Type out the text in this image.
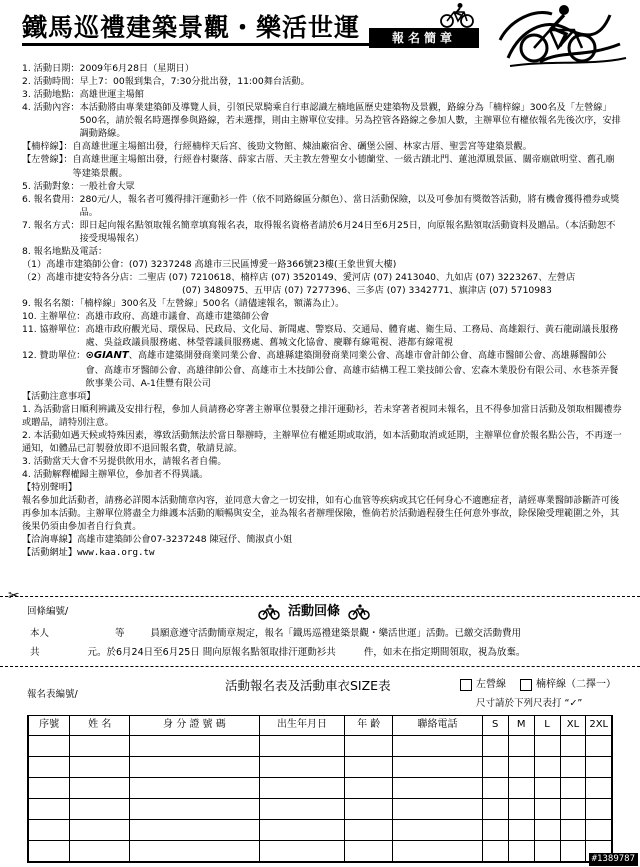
鐵馬巡禮建築景觀・樂活世運	報名簡章
1. 活動日期：2009年6月28日（星期日）
2. 活動時間：早上7：00報到集合，7:30分批出發，11:00舞台活動。
3. 活動地點：高雄世運主場館
4. 活動內容： 本活動將由專業建築師及導覽人員，引領民眾騎乘自行車認識左楠地區歷史建築物及景觀，路線分為「楠梓線」300名及「左營線」500名，請於報名時選擇參與路線，若未選擇，則由主辦單位安排。另為控管各路線之參加人數，主辦單位有權依報名先後次序，安排調動路線。
【楠梓線】： 自高雄世運主場館出發，行經楠梓天后宮、後勁文物館、煉油廠宿舍、礪堡公園、林家古厝、聖雲宮等建築景觀。
【左營線】： 自高雄世運主場館出發，行經眷村聚落、薛家古厝、天主教左營聖女小德蘭堂、一級古蹟北門、蓮池潭風景區、關帝廟啟明堂、舊孔廟等建築景觀。
5. 活動對象：一般社會大眾
6. 報名費用： 280元/人，報名者可獲得排汗運動衫一件（依不同路線區分顏色）、當日活動保險，以及可參加有獎徵答活動，將有機會獲得禮券或獎品。
7. 報名方式： 即日起向報名點領取報名簡章填寫報名表，取得報名資格者請於6月24日至6月25日，向原報名點領取活動資料及贈品。（本活動恕不接受現場報名）
8. 報名地點及電話：
（1）高雄市建築師公會：(07) 3237248 高雄市三民區博愛一路366號23樓(王象世貿大樓)
（2）高雄市捷安特各分店：二聖店 (07) 7210618、楠梓店 (07) 3520149、愛河店 (07) 2413040、九如店 (07) 3223267、左營店
(07) 3480975、五甲店 (07) 7277396、三多店 (07) 3342771、旗津店 (07) 5710983
9. 報名名額：「楠梓線」300名及「左營線」500名（請儘速報名，額滿為止）。
10. 主辦單位：高雄市政府、高雄市議會、高雄市建築師公會
11. 協辦單位： 高雄市政府觀光局、環保局、民政局、文化局、新聞處、警察局、交通局、體育處、衛生局、工務局、高雄銀行、黃石龍副議長服務處、吳益政議員服務處、林瑩蓉議員服務處、舊城文化協會、慶聯有線電視、港都有線電視
12. 贊助單位： ⊙GIANT、高雄市建築開發商業同業公會、高雄縣建築開發商業同業公會、高雄市會計師公會、高雄市醫師公會、高雄縣醫師公會、高雄市牙醫師公會、高雄律師公會、高雄市土木技師公會、高雄市結構工程工業技師公會、宏森木業股份有限公司、水巷茶弄餐飲事業公司、A-1佳豐有限公司
【活動注意事項】
1. 為活動當日順利辨識及安排行程，參加人員請務必穿著主辦單位製發之排汗運動衫，若未穿著者視同未報名，且不得參加當日活動及領取相關禮券或贈品，請特別注意。
2. 本活動如遇天候或特殊因素，導致活動無法於當日舉辦時，主辦單位有權延期或取消，如本活動取消或延期，主辦單位會於報名點公告，不再逐一通知，如體品已訂製發放即不退回報名費，敬請見諒。
3. 活動當天大會不另提供飲用水，請報名者自備。
4. 活動解釋權歸主辦單位，參加者不得異議。
【特別聲明】
報名參加此活動者，請務必詳閱本活動簡章內容，並同意大會之一切安排，如有心血管等疾病或其它任何身心不適應症者，請經專業醫師診斷許可後再參加本活動。主辦單位將盡全力維護本活動的順暢與安全，並為報名者辦理保險，惟倘若於活動過程發生任何意外事故，除保險受理範圍之外，其後果仍須由參加者自行負責。
【洽詢專線】高雄市建築師公會07-3237248 陳冠伃、簡淑貞小姐
【活動網址】 www.kaa.org.tw
✂
回條編號/	活動回條
本人	等	員願意遵守活動簡章規定，報名「鐵馬巡禮建築景觀・樂活世運」活動。已繳交活動費用
共	元。於6月24日至6月25日 間向原報名點領取排汗運動衫共	件，如未在指定期間領取，視為放棄。
報名表編號/
活動報名表及活動車衣SIZE表	左營線	楠梓線（二擇一）
尺寸請於下列尺表打 “✓”
序號	姓 名	身 分 證 號 碼	出生年月日	年 齡	聯絡電話	S	M	L	XL	2XL

#1389787
